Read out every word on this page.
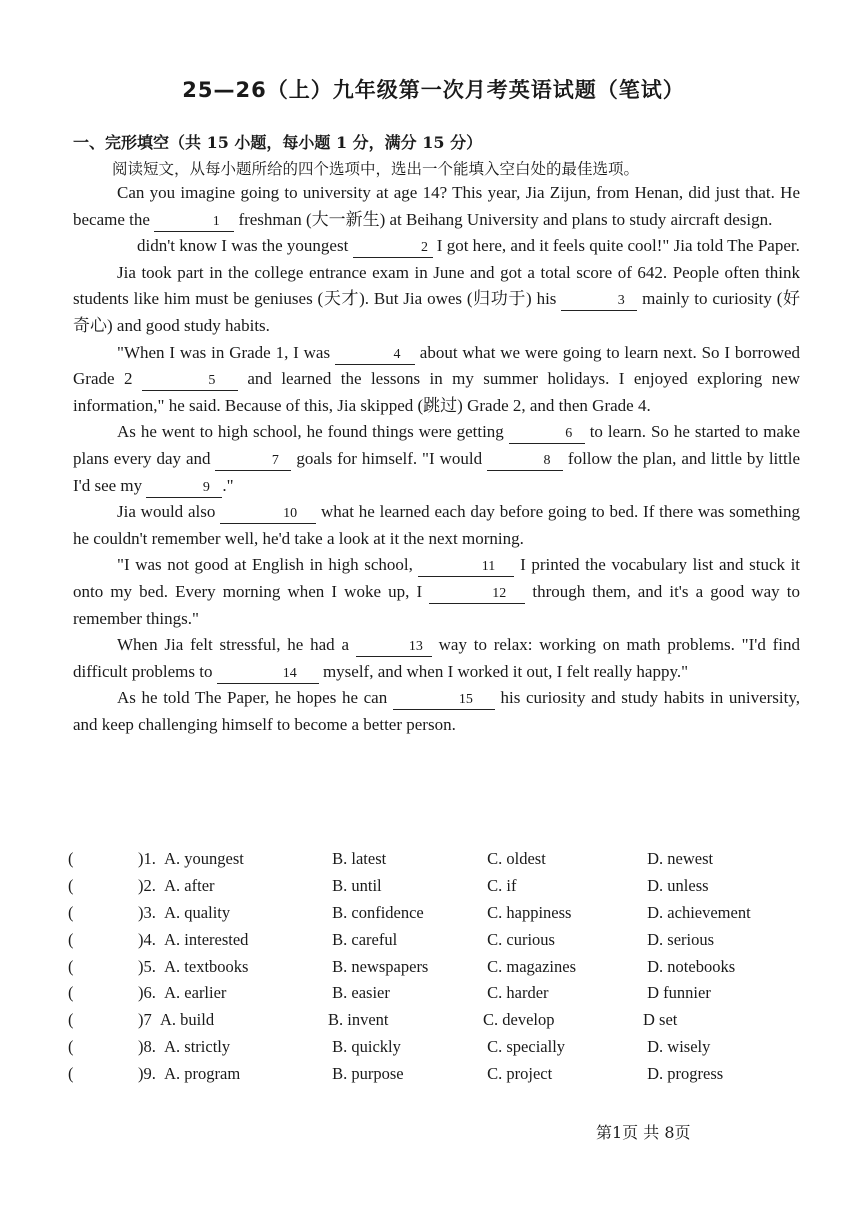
25—26（上）九年级第一次月考英语试题（笔试）
一、完形填空（共 15 小题，每小题 1 分，满分 15 分）
阅读短文，从每小题所给的四个选项中，选出一个能填入空白处的最佳选项。

Can you imagine going to university at age 14? This year, Jia Zijun, from Henan, did just that. He became the	1 freshman (大一新生) at Beihang University and plans to study aircraft design.

didn't know I was the youngest	2 I got here, and it feels quite cool!" Jia told The Paper.

Jia took part in the college entrance exam in June and got a total score of 642. People often think students like him must be geniuses (天才). But Jia owes (归功于) his	3 mainly to curiosity (好奇心) and good study habits.

"When I was in Grade 1, I was	4 about what we were going to learn next. So I borrowed Grade 2	5 and learned the lessons in my summer holidays. I enjoyed exploring new information," he said. Because of this, Jia skipped (跳过) Grade 2, and then Grade 4.

As he went to high school, he found things were getting	6 to learn. So he started to make plans every day and	7 goals for himself. "I would	8 follow the plan, and little by little I'd see my	9 ."

Jia would also	10 what he learned each day before going to bed. If there was something he couldn't remember well, he'd take a look at it the next morning.

"I was not good at English in high school,	11 I printed the vocabulary list and stuck it onto my bed. Every morning when I woke up, I	12 through them, and it's a good way to remember things."

When Jia felt stressful, he had a	13 way to relax: working on math problems. "I'd find difficult problems to	14 myself, and when I worked it out, I felt really happy."

As he told The Paper, he hopes he can	15 his curiosity and study habits in university, and keep challenging himself to become a better person.

(	)1.
A. youngest	B. latest	C. oldest	D. newest
(	)2.
A. after	B. until	C. if	D. unless
(	)3.
A. quality	B. confidence	C. happiness	D. achievement
(	)4.
A. interested	B. careful	C. curious	D. serious
(	)5.
A. textbooks	B. newspapers	C. magazines	D. notebooks
(	)6.
A. earlier	B. easier	C. harder	D funnier
(	)7
A. build	B. invent	C. develop	D set
(	)8.
A. strictly	B. quickly	C. specially	D. wisely
(	)9.
A. program	B. purpose	C. project	D. progress
第1页 共 8页
